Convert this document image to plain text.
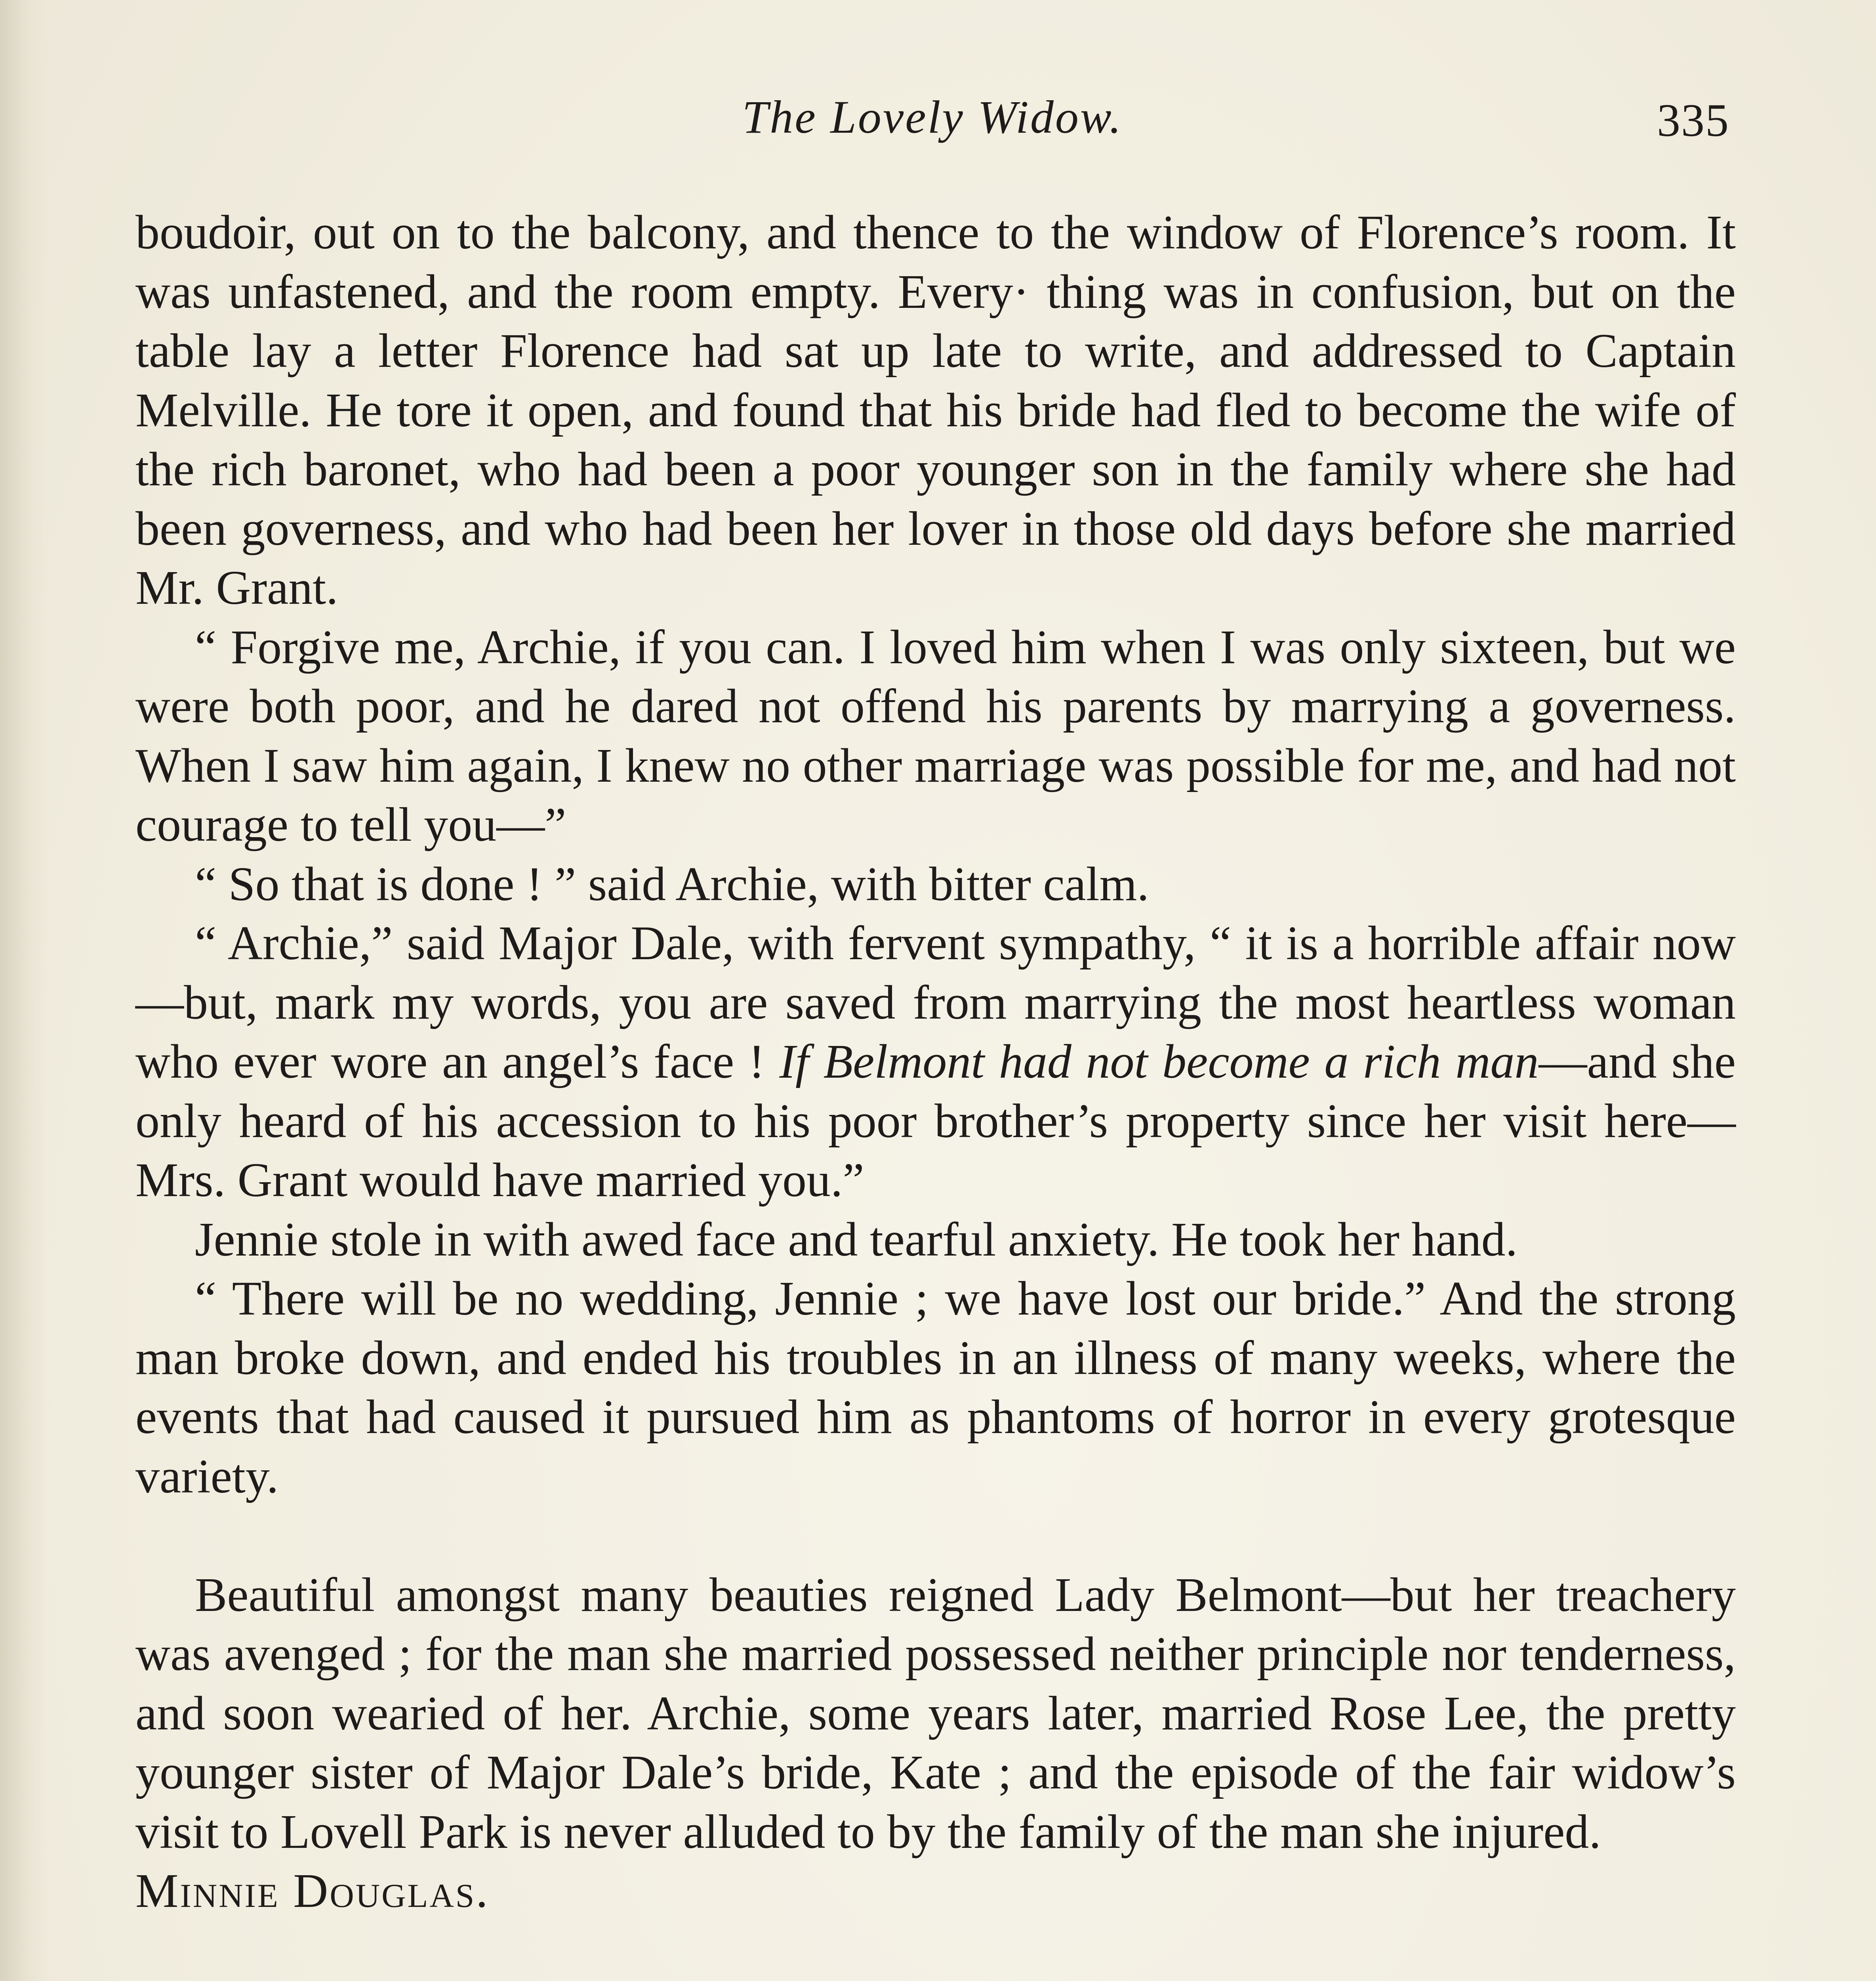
The Lovely Widow.	335

boudoir, out on to the balcony, and thence to the window of Florence’s room. It was unfastened, and the room empty. Every· thing was in confusion, but on the table lay a letter Florence had sat up late to write, and addressed to Captain Melville. He tore it open, and found that his bride had fled to become the wife of the rich baronet, who had been a poor younger son in the family where she had been governess, and who had been her lover in those old days before she married Mr. Grant.

“ Forgive me, Archie, if you can. I loved him when I was only sixteen, but we were both poor, and he dared not offend his parents by marrying a governess. When I saw him again, I knew no other marriage was possible for me, and had not courage to tell you—”

“ So that is done ! ” said Archie, with bitter calm.

“ Archie,” said Major Dale, with fervent sympathy, “ it is a horrible affair now—but, mark my words, you are saved from marrying the most heartless woman who ever wore an angel’s face ! If Belmont had not become a rich man—and she only heard of his accession to his poor brother’s property since her visit here—Mrs. Grant would have married you.”

Jennie stole in with awed face and tearful anxiety. He took her hand.

“ There will be no wedding, Jennie ; we have lost our bride.” And the strong man broke down, and ended his troubles in an illness of many weeks, where the events that had caused it pursued him as phantoms of horror in every grotesque variety.

Beautiful amongst many beauties reigned Lady Belmont—but her treachery was avenged ; for the man she married possessed neither principle nor tenderness, and soon wearied of her. Archie, some years later, married Rose Lee, the pretty younger sister of Major Dale’s bride, Kate ; and the episode of the fair widow’s visit to Lovell Park is never alluded to by the family of the man she injured.

Minnie Douglas.
